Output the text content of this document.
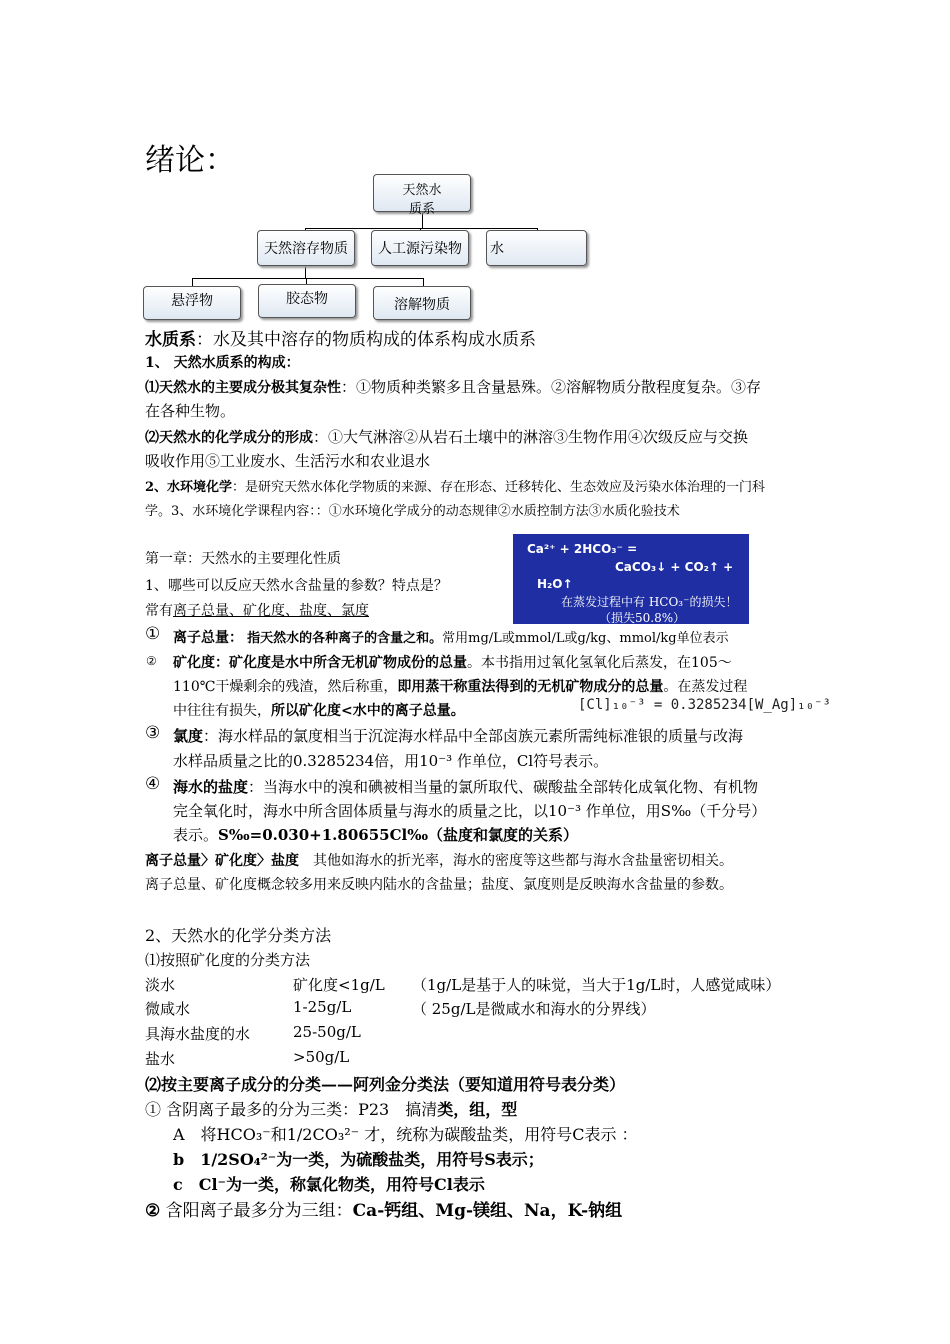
绪论：
天然水
质系
天然溶存物质	人工源污染物	水
悬浮物	胶态物	溶解物质
水质系：水及其中溶存的物质构成的体系构成水质系
1、 天然水质系的构成：
⑴天然水的主要成分极其复杂性：①物质种类繁多且含量悬殊。②溶解物质分散程度复杂。③存
在各种生物。
⑵天然水的化学成分的形成：①大气淋溶②从岩石土壤中的淋溶③生物作用④次级反应与交换
吸收作用⑤工业废水、生活污水和农业退水
2、水环境化学：是研究天然水体化学物质的来源、存在形态、迁移转化、生态效应及污染水体治理的一门科
学。3、水环境化学课程内容：：①水环境化学成分的动态规律②水质控制方法③水质化验技术
第一章：天然水的主要理化性质
1、哪些可以反应天然水含盐量的参数？特点是？
常有离子总量、矿化度、盐度、氯度
Ca²⁺ + 2HCO₃⁻ =
CaCO₃↓ + CO₂↑ +
H₂O↑
在蒸发过程中有 HCO₃⁻的损失！
（损失50.8%）
① 离子总量： 指天然水的各种离子的含量之和。常用mg/L或mmol/L或g/kg、mmol/kg单位表示
② 矿化度：矿化度是水中所含无机矿物成份的总量。本书指用过氧化氢氧化后蒸发，在105～
110℃干燥剩余的残渣，然后称重，即用蒸干称重法得到的无机矿物成分的总量。在蒸发过程
中往往有损失，所以矿化度<水中的离子总量。	[Cl]₁₀⁻³ = 0.3285234[W_Ag]₁₀⁻³
③ 氯度：海水样品的氯度相当于沉淀海水样品中全部卤族元素所需纯标准银的质量与改海
水样品质量之比的0.3285234倍，用10⁻³ 作单位，Cl符号表示。
④ 海水的盐度：当海水中的溴和碘被相当量的氯所取代、碳酸盐全部转化成氧化物、有机物
完全氧化时，海水中所含固体质量与海水的质量之比，以10⁻³ 作单位，用S‰（千分号）
表示。S‰=0.030+1.80655Cl‰（盐度和氯度的关系）
离子总量〉矿化度〉盐度　其他如海水的折光率，海水的密度等这些都与海水含盐量密切相关。
离子总量、矿化度概念较多用来反映内陆水的含盐量；盐度、氯度则是反映海水含盐量的参数。
2、天然水的化学分类方法
⑴按照矿化度的分类方法
淡水	矿化度<1g/L （1g/L是基于人的味觉，当大于1g/L时，人感觉咸味）
微咸水	1-25g/L	（ 25g/L是微咸水和海水的分界线）
具海水盐度的水	25-50g/L
盐水	>50g/L
⑵按主要离子成分的分类——阿列金分类法（要知道用符号表分类）
① 含阴离子最多的分为三类：P23　搞清类，组，型
A　将HCO₃⁻和1/2CO₃²⁻ 才，统称为碳酸盐类，用符号C表示 ：
b　1/2SO₄²⁻为一类，为硫酸盐类，用符号S表示；
c　Cl⁻为一类，称氯化物类，用符号Cl表示
② 含阳离子最多分为三组：Ca-钙组、Mg-镁组、Na，K-钠组
